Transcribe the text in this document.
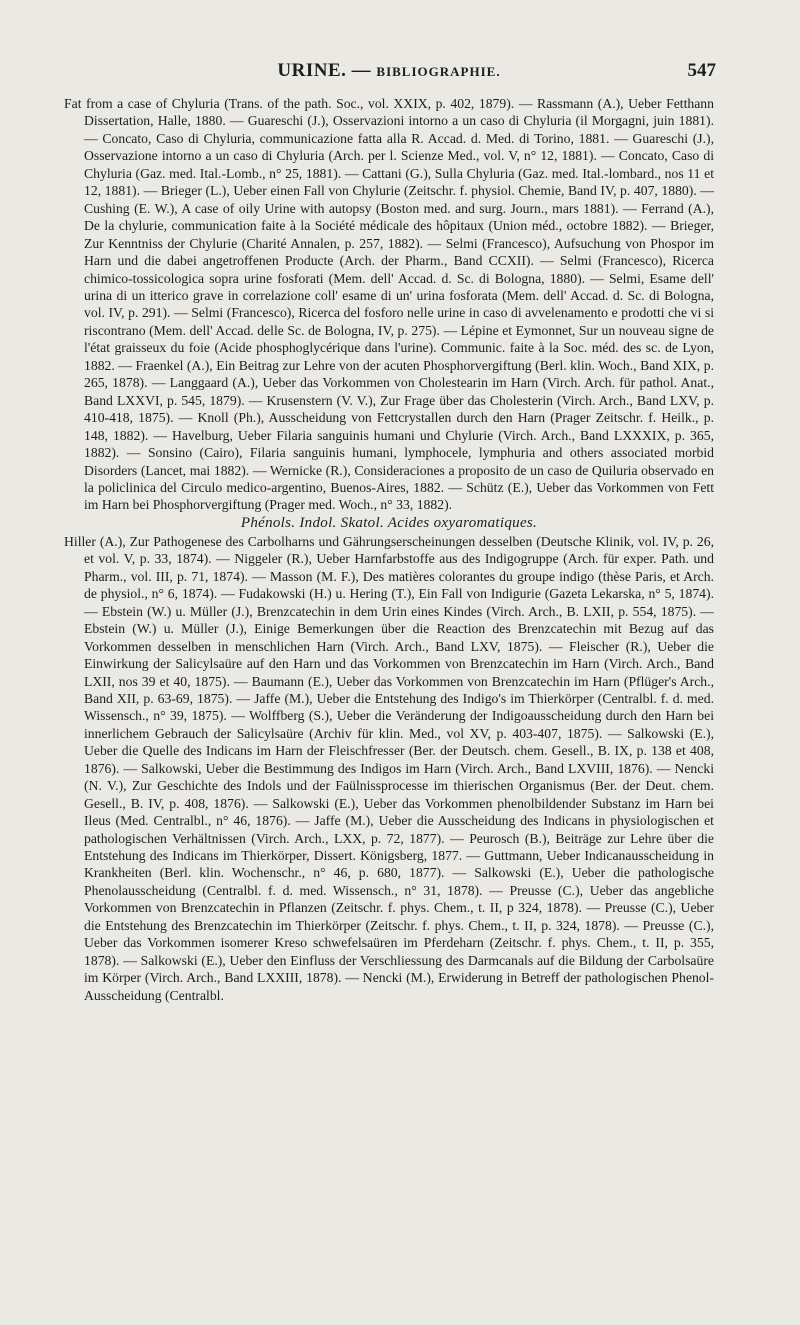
URINE. — BIBLIOGRAPHIE.	547

Fat from a case of Chyluria (Trans. of the path. Soc., vol. XXIX, p. 402, 1879). — Rassmann (A.), Ueber Fetthann Dissertation, Halle, 1880. — Guareschi (J.), Osservazioni intorno a un caso di Chyluria (il Morgagni, juin 1881). — Concato, Caso di Chyluria, communicazione fatta alla R. Accad. d. Med. di Torino, 1881. — Guareschi (J.), Osservazione intorno a un caso di Chyluria (Arch. per l. Scienze Med., vol. V, n° 12, 1881). — Concato, Caso di Chyluria (Gaz. med. Ital.-Lomb., n° 25, 1881). — Cattani (G.), Sulla Chyluria (Gaz. med. Ital.-lombard., nos 11 et 12, 1881). — Brieger (L.), Ueber einen Fall von Chylurie (Zeitschr. f. physiol. Chemie, Band IV, p. 407, 1880). — Cushing (E. W.), A case of oily Urine with autopsy (Boston med. and surg. Journ., mars 1881). — Ferrand (A.), De la chylurie, communication faite à la Société médicale des hôpitaux (Union méd., octobre 1882). — Brieger, Zur Kenntniss der Chylurie (Charité Annalen, p. 257, 1882). — Selmi (Francesco), Aufsuchung von Phospor im Harn und die dabei angetroffenen Producte (Arch. der Pharm., Band CCXII). — Selmi (Francesco), Ricerca chimico-tossicologica sopra urine fosforati (Mem. dell' Accad. d. Sc. di Bologna, 1880). — Selmi, Esame dell' urina di un itterico grave in correlazione coll' esame di un' urina fosforata (Mem. dell' Accad. d. Sc. di Bologna, vol. IV, p. 291). — Selmi (Francesco), Ricerca del fosforo nelle urine in caso di avvelenamento e prodotti che vi si riscontrano (Mem. dell' Accad. delle Sc. de Bologna, IV, p. 275). — Lépine et Eymonnet, Sur un nouveau signe de l'état graisseux du foie (Acide phosphoglycérique dans l'urine). Communic. faite à la Soc. méd. des sc. de Lyon, 1882. — Fraenkel (A.), Ein Beitrag zur Lehre von der acuten Phosphorvergiftung (Berl. klin. Woch., Band XIX, p. 265, 1878). — Langgaard (A.), Ueber das Vorkommen von Cholestearin im Harn (Virch. Arch. für pathol. Anat., Band LXXVI, p. 545, 1879). — Krusenstern (V. V.), Zur Frage über das Cholesterin (Virch. Arch., Band LXV, p. 410-418, 1875). — Knoll (Ph.), Ausscheidung von Fettcrystallen durch den Harn (Prager Zeitschr. f. Heilk., p. 148, 1882). — Havelburg, Ueber Filaria sanguinis humani und Chylurie (Virch. Arch., Band LXXXIX, p. 365, 1882). — Sonsino (Cairo), Filaria sanguinis humani, lymphocele, lymphuria and others associated morbid Disorders (Lancet, mai 1882). — Wernicke (R.), Consideraciones a proposito de un caso de Quiluria observado en la policlinica del Circulo medico-argentino, Buenos-Aires, 1882. — Schütz (E.), Ueber das Vorkommen von Fett im Harn bei Phosphorvergiftung (Prager med. Woch., n° 33, 1882).

Phénols. Indol. Skatol. Acides oxyaromatiques.

Hiller (A.), Zur Pathogenese des Carbolharns und Gährungserscheinungen desselben (Deutsche Klinik, vol. IV, p. 26, et vol. V, p. 33, 1874). — Niggeler (R.), Ueber Harnfarbstoffe aus des Indigogruppe (Arch. für exper. Path. und Pharm., vol. III, p. 71, 1874). — Masson (M. F.), Des matières colorantes du groupe indigo (thèse Paris, et Arch. de physiol., n° 6, 1874). — Fudakowski (H.) u. Hering (T.), Ein Fall von Indigurie (Gazeta Lekarska, n° 5, 1874). — Ebstein (W.) u. Müller (J.), Brenzcatechin in dem Urin eines Kindes (Virch. Arch., B. LXII, p. 554, 1875). — Ebstein (W.) u. Müller (J.), Einige Bemerkungen über die Reaction des Brenzcatechin mit Bezug auf das Vorkommen desselben in menschlichen Harn (Virch. Arch., Band LXV, 1875). — Fleischer (R.), Ueber die Einwirkung der Salicylsaüre auf den Harn und das Vorkommen von Brenzcatechin im Harn (Virch. Arch., Band LXII, nos 39 et 40, 1875). — Baumann (E.), Ueber das Vorkommen von Brenzcatechin im Harn (Pflüger's Arch., Band XII, p. 63-69, 1875). — Jaffe (M.), Ueber die Entstehung des Indigo's im Thierkörper (Centralbl. f. d. med. Wissensch., n° 39, 1875). — Wolffberg (S.), Ueber die Veränderung der Indigoausscheidung durch den Harn bei innerlichem Gebrauch der Salicylsaüre (Archiv für klin. Med., vol XV, p. 403-407, 1875). — Salkowski (E.), Ueber die Quelle des Indicans im Harn der Fleischfresser (Ber. der Deutsch. chem. Gesell., B. IX, p. 138 et 408, 1876). — Salkowski, Ueber die Bestimmung des Indigos im Harn (Virch. Arch., Band LXVIII, 1876). — Nencki (N. V.), Zur Geschichte des Indols und der Faülnissprocesse im thierischen Organismus (Ber. der Deut. chem. Gesell., B. IV, p. 408, 1876). — Salkowski (E.), Ueber das Vorkommen phenolbildender Substanz im Harn bei Ileus (Med. Centralbl., n° 46, 1876). — Jaffe (M.), Ueber die Ausscheidung des Indicans in physiologischen et pathologischen Verhältnissen (Virch. Arch., LXX, p. 72, 1877). — Peurosch (B.), Beiträge zur Lehre über die Entstehung des Indicans im Thierkörper, Dissert. Königsberg, 1877. — Guttmann, Ueber Indicanausscheidung in Krankheiten (Berl. klin. Wochenschr., n° 46, p. 680, 1877). — Salkowski (E.), Ueber die pathologische Phenolausscheidung (Centralbl. f. d. med. Wissensch., n° 31, 1878). — Preusse (C.), Ueber das angebliche Vorkommen von Brenzcatechin in Pflanzen (Zeitschr. f. phys. Chem., t. II, p 324, 1878). — Preusse (C.), Ueber die Entstehung des Brenzcatechin im Thierkörper (Zeitschr. f. phys. Chem., t. II, p. 324, 1878). — Preusse (C.), Ueber das Vorkommen isomerer Kreso schwefelsaüren im Pferdeharn (Zeitschr. f. phys. Chem., t. II, p. 355, 1878). — Salkowski (E.), Ueber den Einfluss der Verschliessung des Darmcanals auf die Bildung der Carbolsaüre im Körper (Virch. Arch., Band LXXIII, 1878). — Nencki (M.), Erwiderung in Betreff der pathologischen Phenol-Ausscheidung (Centralbl.
